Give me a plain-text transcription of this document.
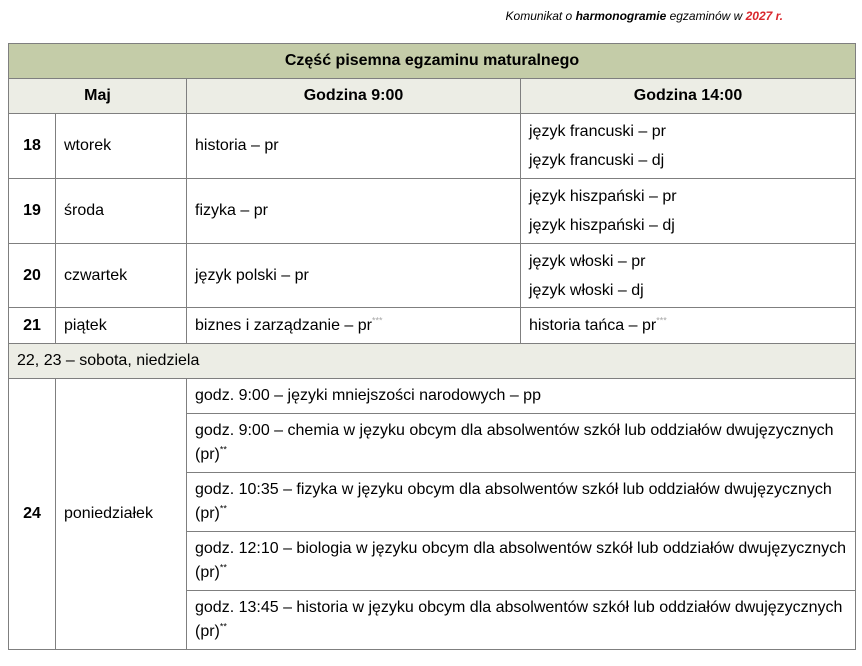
Komunikat o harmonogramie egzaminów w 2027 r.
Część pisemna egzaminu maturalnego			
Maj		Godzina 9:00	Godzina 14:00
18	wtorek	historia – pr	język francuski – pr
język francuski – dj

19	środa	fizyka – pr	język hiszpański – pr
język hiszpański – dj

20	czwartek	język polski – pr	język włoski – pr
język włoski – dj

21	piątek	biznes i zarządzanie – pr***	historia tańca – pr***
22, 23 – sobota, niedziela			
24	poniedziałek	godz. 9:00 – języki mniejszości narodowych – pp	
		godz. 9:00 – chemia w języku obcym dla absolwentów szkół lub oddziałów dwujęzycznych (pr)**
		godz. 10:35 – fizyka w języku obcym dla absolwentów szkół lub oddziałów dwujęzycznych (pr)**
		godz. 12:10 – biologia w języku obcym dla absolwentów szkół lub oddziałów dwujęzycznych (pr)**
		godz. 13:45 – historia w języku obcym dla absolwentów szkół lub oddziałów dwujęzycznych (pr)**
